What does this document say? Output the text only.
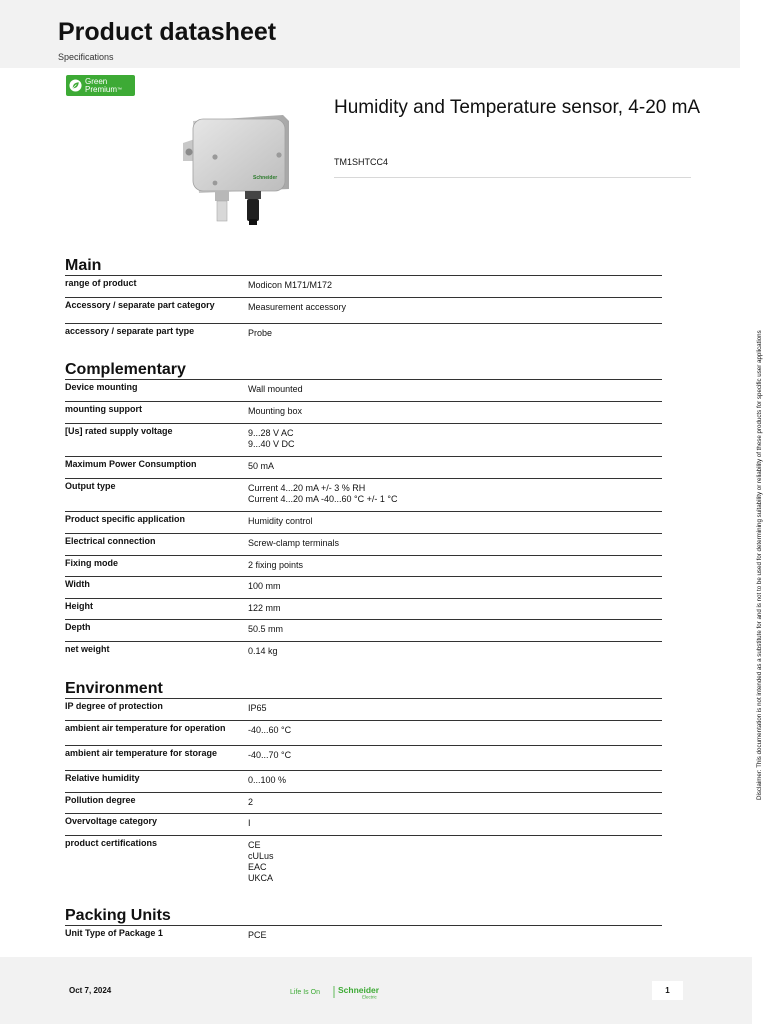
Product datasheet
Specifications
Green
Premium™
Schneider
Humidity and Temperature sensor, 4-20 mA
TM1SHTCC4
Main
range of product	Modicon M171/M172
Accessory / separate part category	Measurement accessory
accessory / separate part type	Probe
Complementary
Device mounting	Wall mounted
mounting support	Mounting box
[Us] rated supply voltage	9...28 V AC
9...40 V DC
Maximum Power Consumption	50 mA
Output type	Current 4...20 mA +/- 3 % RH
Current 4...20 mA -40...60 °C +/- 1 °C
Product specific application	Humidity control
Electrical connection	Screw-clamp terminals
Fixing mode	2 fixing points
Width	100 mm
Height	122 mm
Depth	50.5 mm
net weight	0.14 kg
Environment
IP degree of protection	IP65
ambient air temperature for operation	-40...60 °C
ambient air temperature for storage	-40...70 °C
Relative humidity	0...100 %
Pollution degree	2
Overvoltage category	I
product certifications	CE
cULus
EAC
UKCA
Packing Units
Unit Type of Package 1	PCE
Disclaimer: This documentation is not intended as a substitute for and is not to be used for determining suitability or reliability of these products for specific user applications
Oct 7, 2024	Life Is On Schneider
Electric
1
